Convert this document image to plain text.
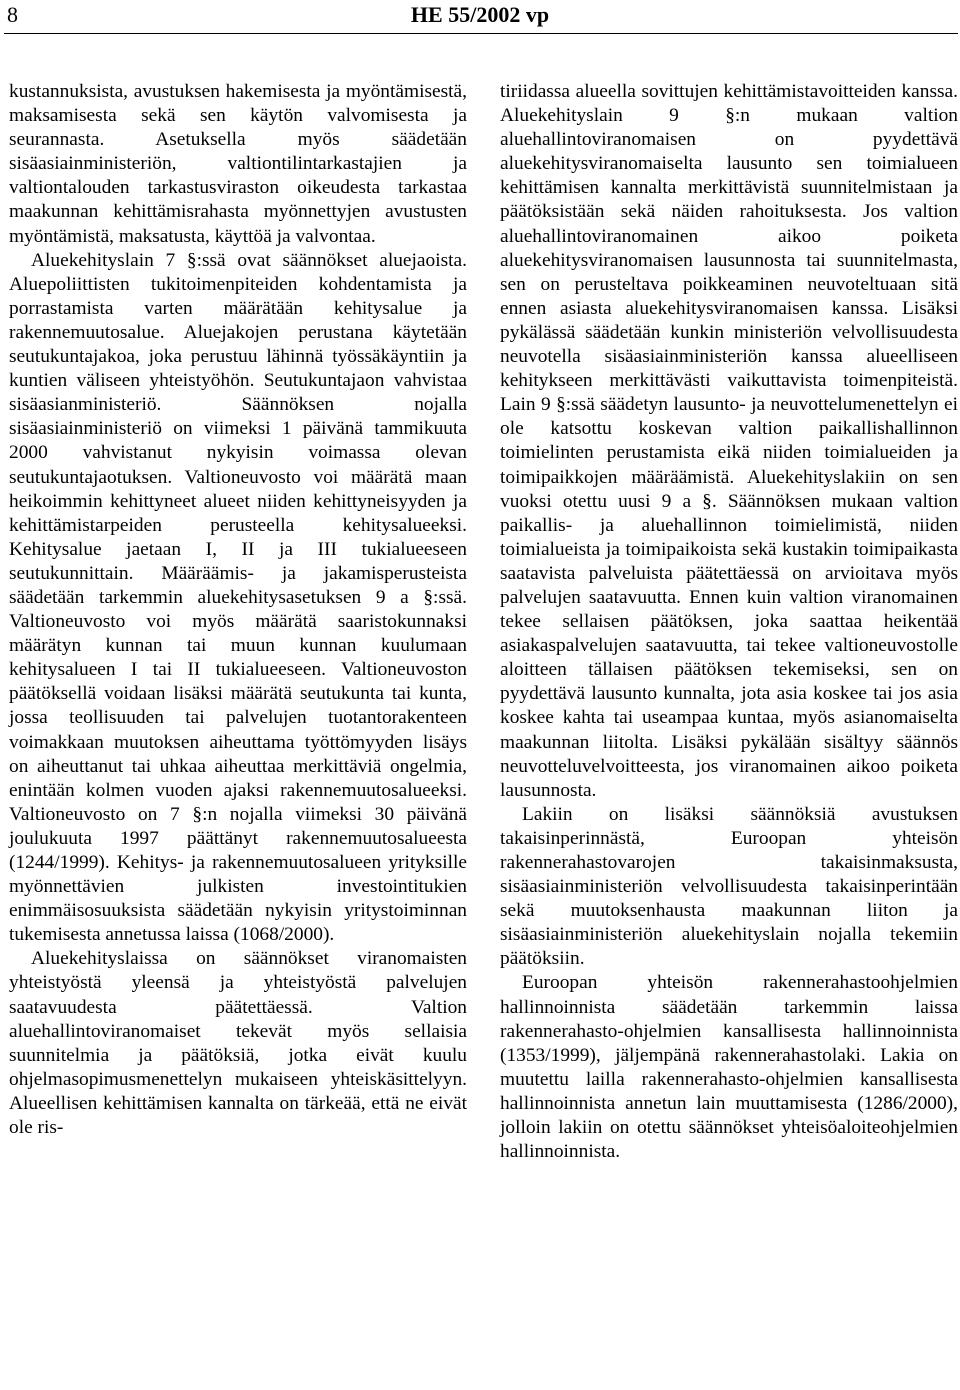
8	HE 55/2002 vp

kustannuksista, avustuksen hakemisesta ja myöntämisestä, maksamisesta sekä sen käytön valvomisesta ja seurannasta. Asetuksella myös säädetään sisäasiainministeriön, valtiontilintarkastajien ja valtiontalouden tarkastusviraston oikeudesta tarkastaa maakunnan kehittämisrahasta myönnettyjen avustusten myöntämistä, maksatusta, käyttöä ja valvontaa.

Aluekehityslain 7 §:ssä ovat säännökset aluejaoista. Aluepoliittisten tukitoimenpiteiden kohdentamista ja porrastamista varten määrätään kehitysalue ja rakennemuutosalue. Aluejakojen perustana käytetään seutukuntajakoa, joka perustuu lähinnä työssäkäyntiin ja kuntien väliseen yhteistyöhön. Seutukuntajaon vahvistaa sisäasianministeriö. Säännöksen nojalla sisäasiainministeriö on viimeksi 1 päivänä tammikuuta 2000 vahvistanut nykyisin voimassa olevan seutukuntajaotuksen. Valtioneuvosto voi määrätä maan heikoimmin kehittyneet alueet niiden kehittyneisyyden ja kehittämistarpeiden perusteella kehitysalueeksi. Kehitysalue jaetaan I, II ja III tukialueeseen seutukunnittain. Määräämis- ja jakamisperusteista säädetään tarkemmin aluekehitysasetuksen 9 a §:ssä. Valtioneuvosto voi myös määrätä saaristokunnaksi määrätyn kunnan tai muun kunnan kuulumaan kehitysalueen I tai II tukialueeseen. Valtioneuvoston päätöksellä voidaan lisäksi määrätä seutukunta tai kunta, jossa teollisuuden tai palvelujen tuotantorakenteen voimakkaan muutoksen aiheuttama työttömyyden lisäys on aiheuttanut tai uhkaa aiheuttaa merkittäviä ongelmia, enintään kolmen vuoden ajaksi rakennemuutosalueeksi. Valtioneuvosto on 7 §:n nojalla viimeksi 30 päivänä joulukuuta 1997 päättänyt rakennemuutosalueesta (1244/1999). Kehitys- ja rakennemuutosalueen yrityksille myönnettävien julkisten investointitukien enimmäisosuuksista säädetään nykyisin yritystoiminnan tukemisesta annetussa laissa (1068/2000).

Aluekehityslaissa on säännökset viranomaisten yhteistyöstä yleensä ja yhteistyöstä palvelujen saatavuudesta päätettäessä. Valtion aluehallintoviranomaiset tekevät myös sellaisia suunnitelmia ja päätöksiä, jotka eivät kuulu ohjelmasopimusmenettelyn mukaiseen yhteiskäsittelyyn. Alueellisen kehittämisen kannalta on tärkeää, että ne eivät ole ris-

tiriidassa alueella sovittujen kehittämistavoitteiden kanssa. Aluekehityslain 9 §:n mukaan valtion aluehallintoviranomaisen on pyydettävä aluekehitysviranomaiselta lausunto sen toimialueen kehittämisen kannalta merkittävistä suunnitelmistaan ja päätöksistään sekä näiden rahoituksesta. Jos valtion aluehallintoviranomainen aikoo poiketa aluekehitysviranomaisen lausunnosta tai suunnitelmasta, sen on perusteltava poikkeaminen neuvoteltuaan sitä ennen asiasta aluekehitysviranomaisen kanssa. Lisäksi pykälässä säädetään kunkin ministeriön velvollisuudesta neuvotella sisäasiainministeriön kanssa alueelliseen kehitykseen merkittävästi vaikuttavista toimenpiteistä. Lain 9 §:ssä säädetyn lausunto- ja neuvottelumenettelyn ei ole katsottu koskevan valtion paikallishallinnon toimielinten perustamista eikä niiden toimialueiden ja toimipaikkojen määräämistä. Aluekehityslakiin on sen vuoksi otettu uusi 9 a §. Säännöksen mukaan valtion paikallis- ja aluehallinnon toimielimistä, niiden toimialueista ja toimipaikoista sekä kustakin toimipaikasta saatavista palveluista päätettäessä on arvioitava myös palvelujen saatavuutta. Ennen kuin valtion viranomainen tekee sellaisen päätöksen, joka saattaa heikentää asiakaspalvelujen saatavuutta, tai tekee valtioneuvostolle aloitteen tällaisen päätöksen tekemiseksi, sen on pyydettävä lausunto kunnalta, jota asia koskee tai jos asia koskee kahta tai useampaa kuntaa, myös asianomaiselta maakunnan liitolta. Lisäksi pykälään sisältyy säännös neuvotteluvelvoitteesta, jos viranomainen aikoo poiketa lausunnosta.

Lakiin on lisäksi säännöksiä avustuksen takaisinperinnästä, Euroopan yhteisön rakennerahastovarojen takaisinmaksusta, sisäasiainministeriön velvollisuudesta takaisinperintään sekä muutoksenhausta maakunnan liiton ja sisäasiainministeriön aluekehityslain nojalla tekemiin päätöksiin.

Euroopan yhteisön rakennerahastoohjelmien hallinnoinnista säädetään tarkemmin laissa rakennerahasto-ohjelmien kansallisesta hallinnoinnista (1353/1999), jäljempänä rakennerahastolaki. Lakia on muutettu lailla rakennerahasto-ohjelmien kansallisesta hallinnoinnista annetun lain muuttamisesta (1286/2000), jolloin lakiin on otettu säännökset yhteisöaloiteohjelmien hallinnoinnista.
